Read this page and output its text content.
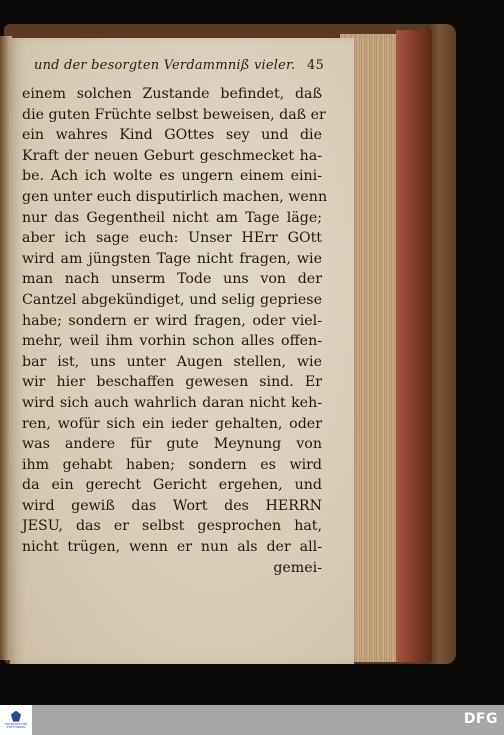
und der besorgten Verdammniß vieler. 45
einem solchen Zustande befindet, daß
die guten Früchte selbst beweisen, daß er
ein wahres Kind GOttes sey und die
Kraft der neuen Geburt geschmecket ha-
be. Ach ich wolte es ungern einem eini-
gen unter euch disputirlich machen, wenn
nur das Gegentheil nicht am Tage läge;
aber ich sage euch: Unser HErr GOtt
wird am jüngsten Tage nicht fragen, wie
man nach unserm Tode uns von der
Cantzel abgekündiget, und selig gepriese
habe; sondern er wird fragen, oder viel-
mehr, weil ihm vorhin schon alles offen-
bar ist, uns unter Augen stellen, wie
wir hier beschaffen gewesen sind. Er
wird sich auch wahrlich daran nicht keh-
ren, wofür sich ein ieder gehalten, oder
was andere für gute Meynung von
ihm gehabt haben; sondern es wird
da ein gerecht Gericht ergehen, und
wird gewiß das Wort des HERRN
JESU, das er selbst gesprochen hat,
nicht trügen, wenn er nun als der all-
gemei-
FRANCKESCHE STIFTUNGEN	DFG
